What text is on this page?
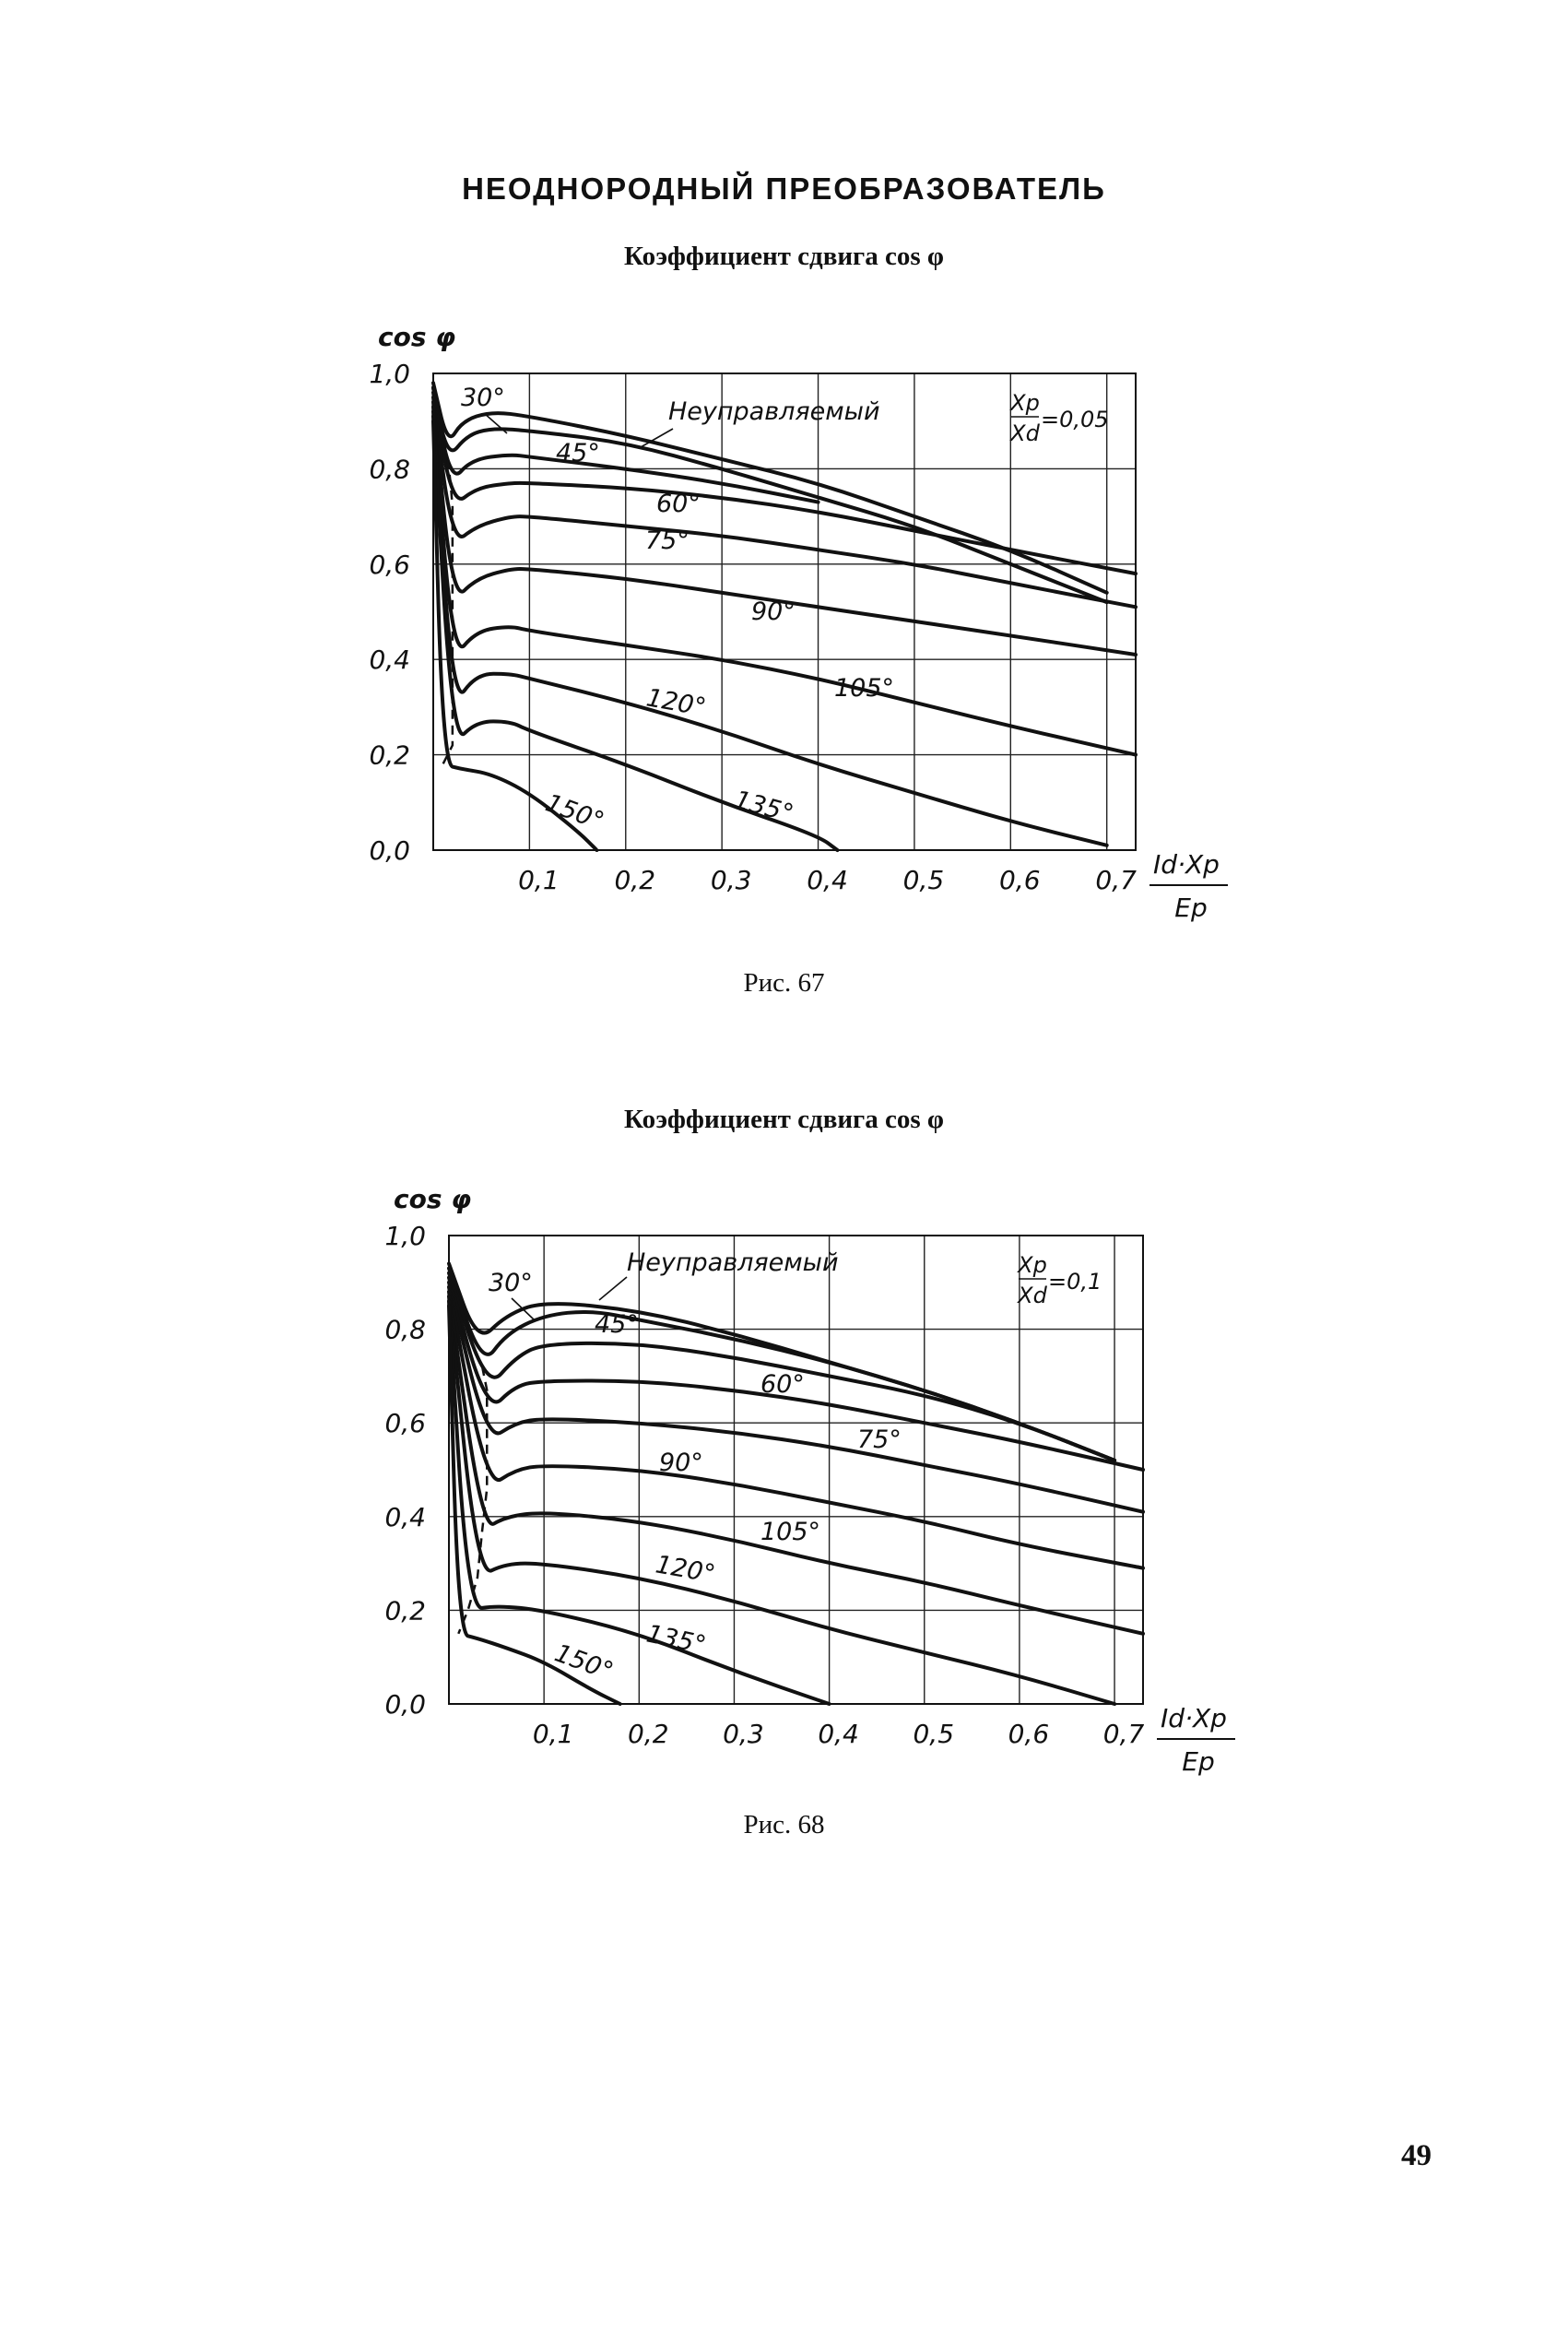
НЕОДНОРОДНЫЙ ПРЕОБРАЗОВАТЕЛЬ
Коэффициент сдвига cos φ
1,0
0,8
0,6
0,4
0,2
0,0
0,1 0,2 0,3 0,4 0,5 0,6 0,7
cos φ
Id·Xp
Ep
Xp
Xd
=0,05
30°	Неуправляемый
45°
60°
75°
90°
105°
120°
135°
150°
Рис. 67
Коэффициент сдвига cos φ
1,0
0,8
0,6
0,4
0,2
0,0
0,1 0,2 0,3 0,4 0,5 0,6 0,7
cos φ
Id·Xp
Ep
Xp
Xd
=0,1
30°
Неуправляемый
45°
60°
75°
90°
105°
120°
135°
150°
Рис. 68
49
